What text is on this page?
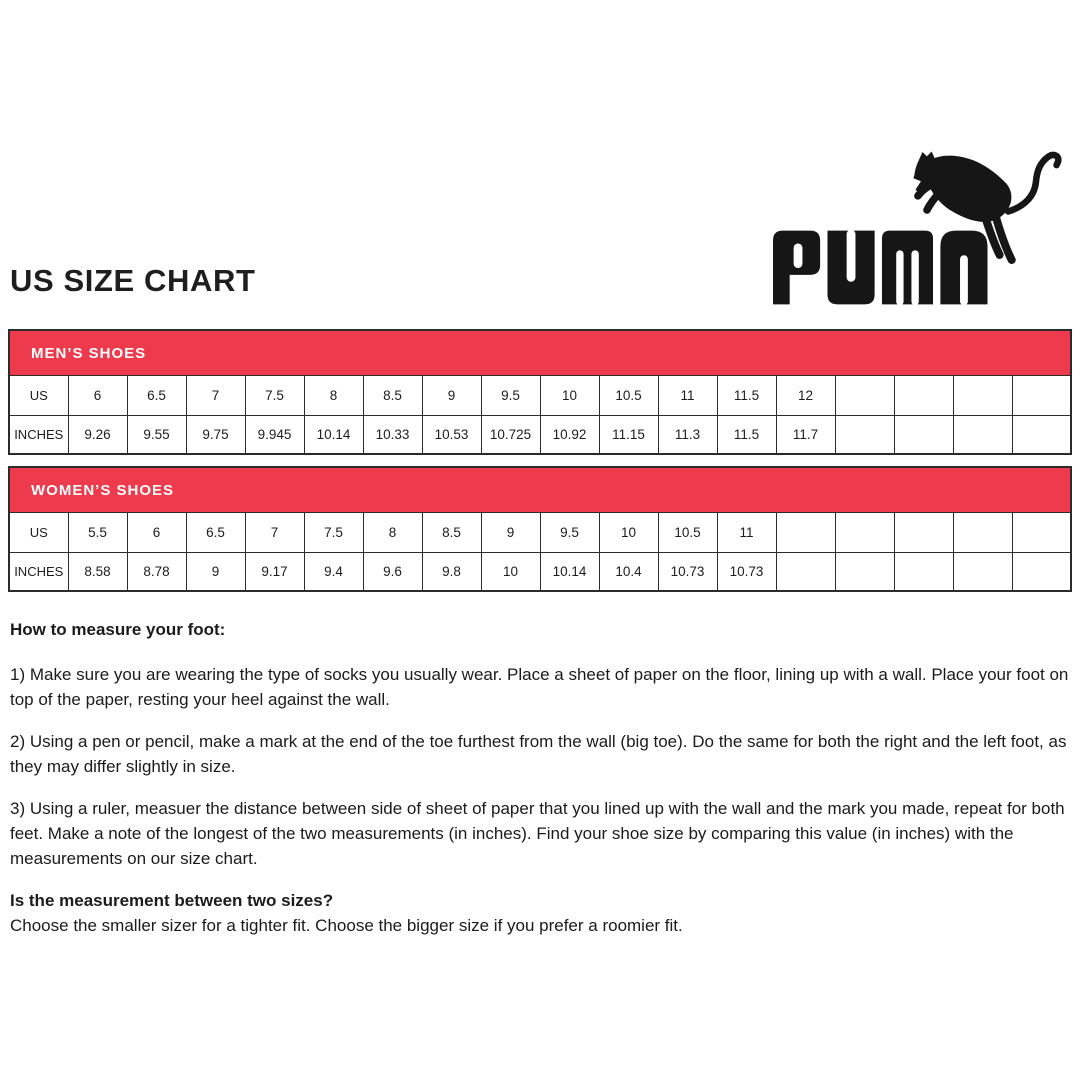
US SIZE CHART
MEN’S SHOES																	
US	6	6.5	7	7.5	8	8.5	9	9.5	10	10.5	11	11.5	12				
INCHES	9.26	9.55	9.75	9.945	10.14	10.33	10.53	10.725	10.92	11.15	11.3	11.5	11.7				
WOMEN’S SHOES																	
US	5.5	6	6.5	7	7.5	8	8.5	9	9.5	10	10.5	11					
INCHES	8.58	8.78	9	9.17	9.4	9.6	9.8	10	10.14	10.4	10.73	10.73					

How to measure your foot:

1) Make sure you are wearing the type of socks you usually wear. Place a sheet of paper on the floor, lining up with a wall. Place your foot on top of the paper, resting your heel against the wall.

2) Using a pen or pencil, make a mark at the end of the toe furthest from the wall (big toe). Do the same for both the right and the left foot, as they may differ slightly in size.

3) Using a ruler, measuer the distance between side of sheet of paper that you lined up with the wall and the mark you made, repeat for both feet. Make a note of the longest of the two measurements (in inches). Find your shoe size by comparing this value (in inches) with the measurements on our size chart.

Is the measurement between two sizes?

Choose the smaller sizer for a tighter fit. Choose the bigger size if you prefer a roomier fit.
